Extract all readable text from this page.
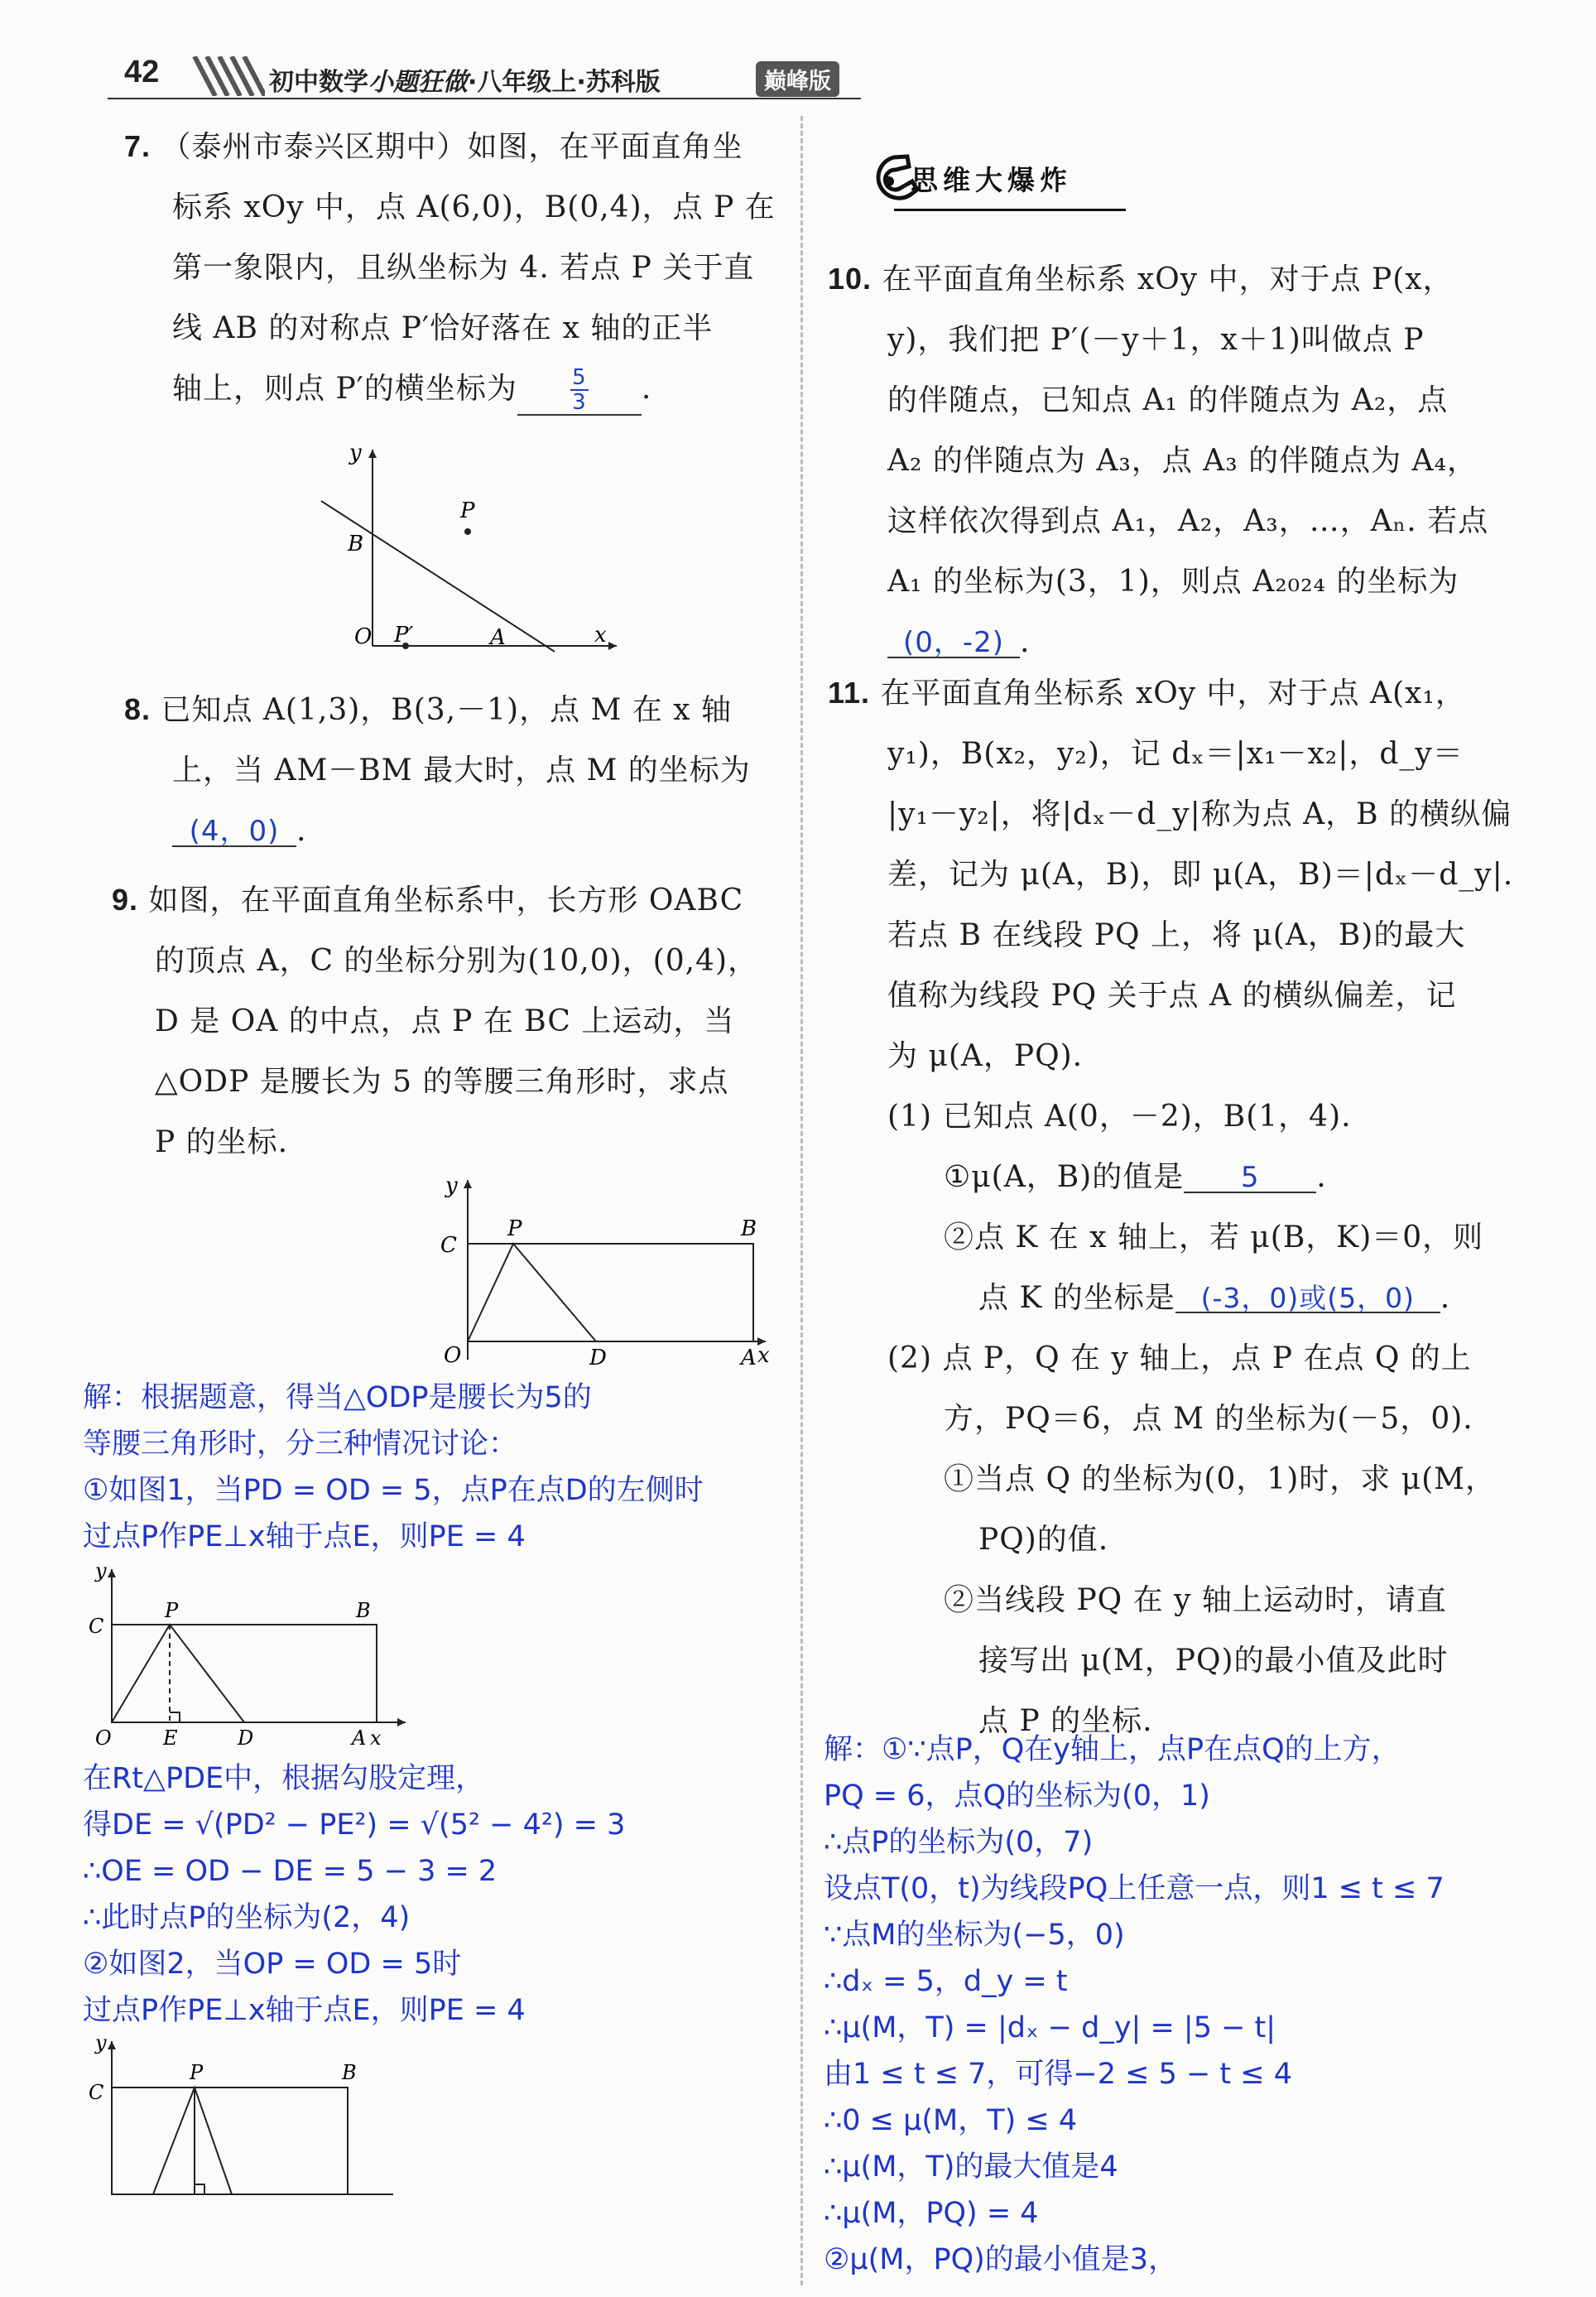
42	初中数学小题狂做·八年级上·苏科版	巅峰版
7. （泰州市泰兴区期中）如图，在平面直角坐
标系 xOy 中，点 A(6,0)，B(0,4)，点 P 在
第一象限内，且纵坐标为 4. 若点 P 关于直
线 AB 的对称点 P′恰好落在 x 轴的正半
轴上，则点 P′的横坐标为 $\frac{5}{3}$ .
y
x
O
B
P
P′	A
8. 已知点 A(1,3)，B(3,－1)，点 M 在 x 轴
上，当 AM－BM 最大时，点 M 的坐标为
(4，0) .
9. 如图，在平面直角坐标系中，长方形 OABC
的顶点 A，C 的坐标分别为(10,0)，(0,4)，
D 是 OA 的中点，点 P 在 BC 上运动，当
△ODP 是腰长为 5 的等腰三角形时，求点
P 的坐标.
y
C
P	B
O	D	A x
解：根据题意，得当△ODP是腰长为5的
等腰三角形时，分三种情况讨论：
①如图1，当PD = OD = 5，点P在点D的左侧时
过点P作PE⊥x轴于点E，则PE = 4
y
C
P	B
O	E	D	A x
在Rt△PDE中，根据勾股定理，
得DE = √(PD² − PE²) = √(5² − 4²) = 3
∴OE = OD − DE = 5 − 3 = 2
∴此时点P的坐标为(2，4)
②如图2，当OP = OD = 5时
过点P作PE⊥x轴于点E，则PE = 4
y
C
P	B
思维大爆炸
10. 在平面直角坐标系 xOy 中，对于点 P(x，
y)，我们把 P′(－y＋1，x＋1)叫做点 P
的伴随点，已知点 A₁ 的伴随点为 A₂，点
A₂ 的伴随点为 A₃，点 A₃ 的伴随点为 A₄，
这样依次得到点 A₁，A₂，A₃，…，Aₙ. 若点
A₁ 的坐标为(3，1)，则点 A₂₀₂₄ 的坐标为
(0，-2) .
11. 在平面直角坐标系 xOy 中，对于点 A(x₁，
y₁)，B(x₂，y₂)，记 dₓ＝|x₁－x₂|，d_y＝
|y₁－y₂|，将|dₓ－d_y|称为点 A，B 的横纵偏
差，记为 μ(A，B)，即 μ(A，B)＝|dₓ－d_y|.
若点 B 在线段 PQ 上，将 μ(A，B)的最大
值称为线段 PQ 关于点 A 的横纵偏差，记
为 μ(A，PQ).
(1) 已知点 A(0，－2)，B(1，4).
①μ(A，B)的值是 5 .
②点 K 在 x 轴上，若 μ(B，K)＝0，则
点 K 的坐标是 (-3，0)或(5，0) .
(2) 点 P，Q 在 y 轴上，点 P 在点 Q 的上
方，PQ＝6，点 M 的坐标为(－5，0).
①当点 Q 的坐标为(0，1)时，求 μ(M，
PQ)的值.
②当线段 PQ 在 y 轴上运动时，请直
接写出 μ(M，PQ)的最小值及此时
点 P 的坐标.
解：①∵点P，Q在y轴上，点P在点Q的上方，
PQ = 6，点Q的坐标为(0，1)
∴点P的坐标为(0，7)
设点T(0，t)为线段PQ上任意一点，则1 ≤ t ≤ 7
∵点M的坐标为(−5，0)
∴dₓ = 5，d_y = t
∴μ(M，T) = |dₓ − d_y| = |5 − t|
由1 ≤ t ≤ 7，可得−2 ≤ 5 − t ≤ 4
∴0 ≤ μ(M，T) ≤ 4
∴μ(M，T)的最大值是4
∴μ(M，PQ) = 4
②μ(M，PQ)的最小值是3，
